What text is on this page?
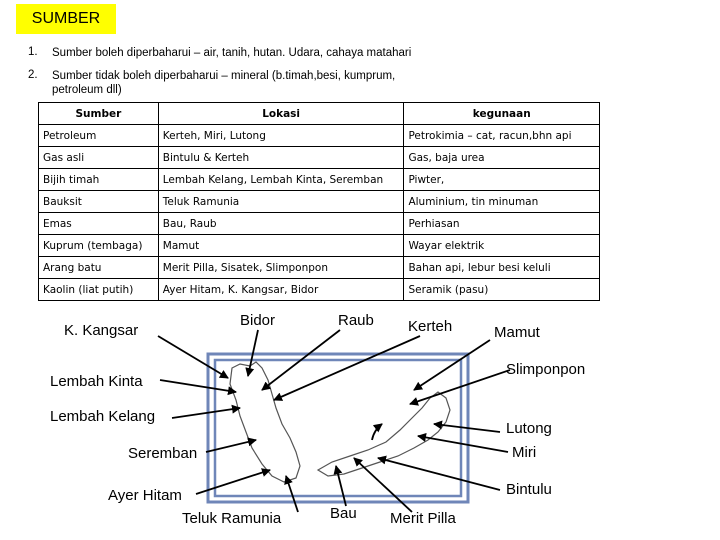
SUMBER
1. Sumber boleh diperbaharui – air, tanih, hutan. Udara, cahaya matahari
2. Sumber tidak boleh diperbaharui – mineral (b.timah,besi, kumprum,
petroleum dll)
Sumber	Lokasi	kegunaan
Petroleum	Kerteh, Miri, Lutong	Petrokimia – cat, racun,bhn api
Gas asli	Bintulu & Kerteh	Gas, baja urea
Bijih timah	Lembah Kelang, Lembah Kinta, Seremban	Piwter,
Bauksit	Teluk Ramunia	Aluminium, tin minuman
Emas	Bau, Raub	Perhiasan
Kuprum (tembaga)	Mamut	Wayar elektrik
Arang batu	Merit Pilla, Sisatek, Slimponpon	Bahan api, lebur besi keluli
Kaolin (liat putih)	Ayer Hitam, K. Kangsar, Bidor	Seramik (pasu)
K. Kangsar
Bidor	Raub Kerteh	Mamut
Slimponpon
Lembah Kinta
Lembah Kelang
Lutong
Miri
Seremban
Bintulu
Ayer Hitam
Teluk Ramunia	Bau Merit Pilla
